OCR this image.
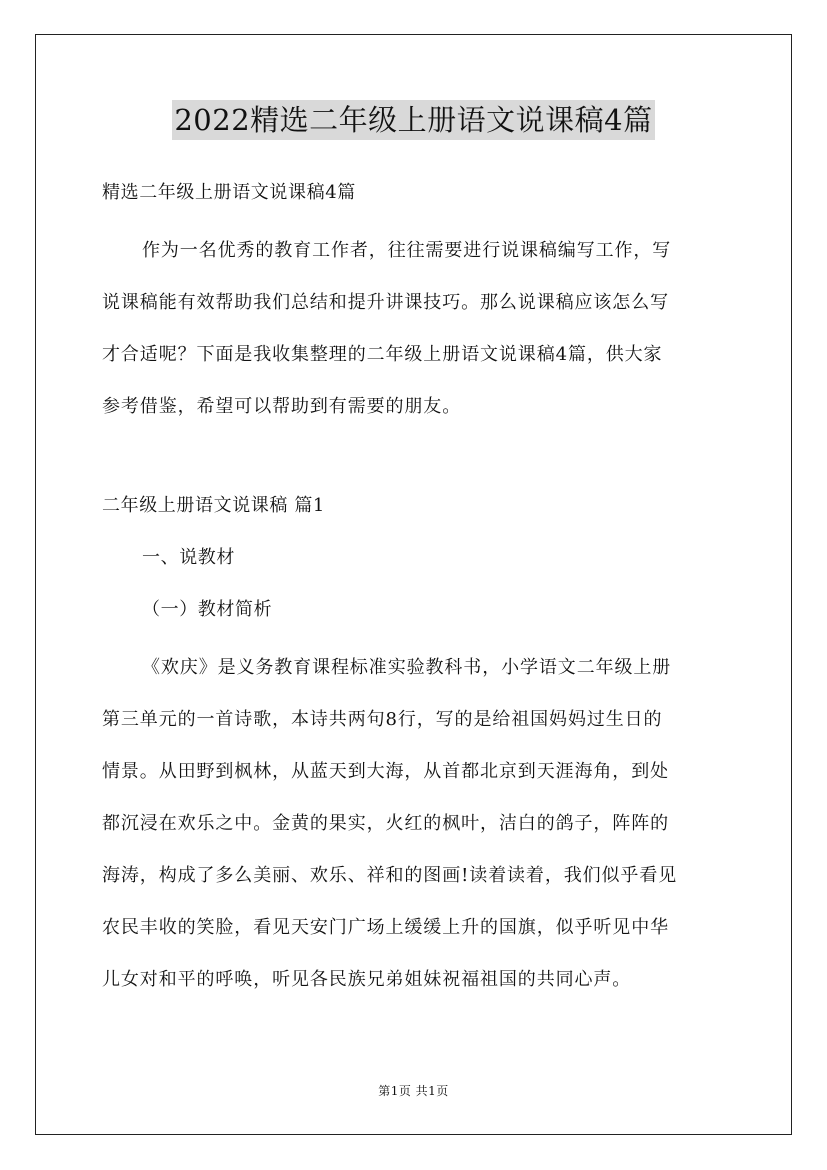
2022精选二年级上册语文说课稿4篇
精选二年级上册语文说课稿4篇
作为一名优秀的教育工作者，往往需要进行说课稿编写工作，写
说课稿能有效帮助我们总结和提升讲课技巧。那么说课稿应该怎么写
才合适呢？下面是我收集整理的二年级上册语文说课稿4篇，供大家
参考借鉴，希望可以帮助到有需要的朋友。
二年级上册语文说课稿 篇1
一、说教材
（一）教材简析
《欢庆》是义务教育课程标准实验教科书，小学语文二年级上册
第三单元的一首诗歌，本诗共两句8行，写的是给祖国妈妈过生日的
情景。从田野到枫林，从蓝天到大海，从首都北京到天涯海角，到处
都沉浸在欢乐之中。金黄的果实，火红的枫叶，洁白的鸽子，阵阵的
海涛，构成了多么美丽、欢乐、祥和的图画!读着读着，我们似乎看见
农民丰收的笑脸，看见天安门广场上缓缓上升的国旗，似乎听见中华
儿女对和平的呼唤，听见各民族兄弟姐妹祝福祖国的共同心声。
第1页 共1页
